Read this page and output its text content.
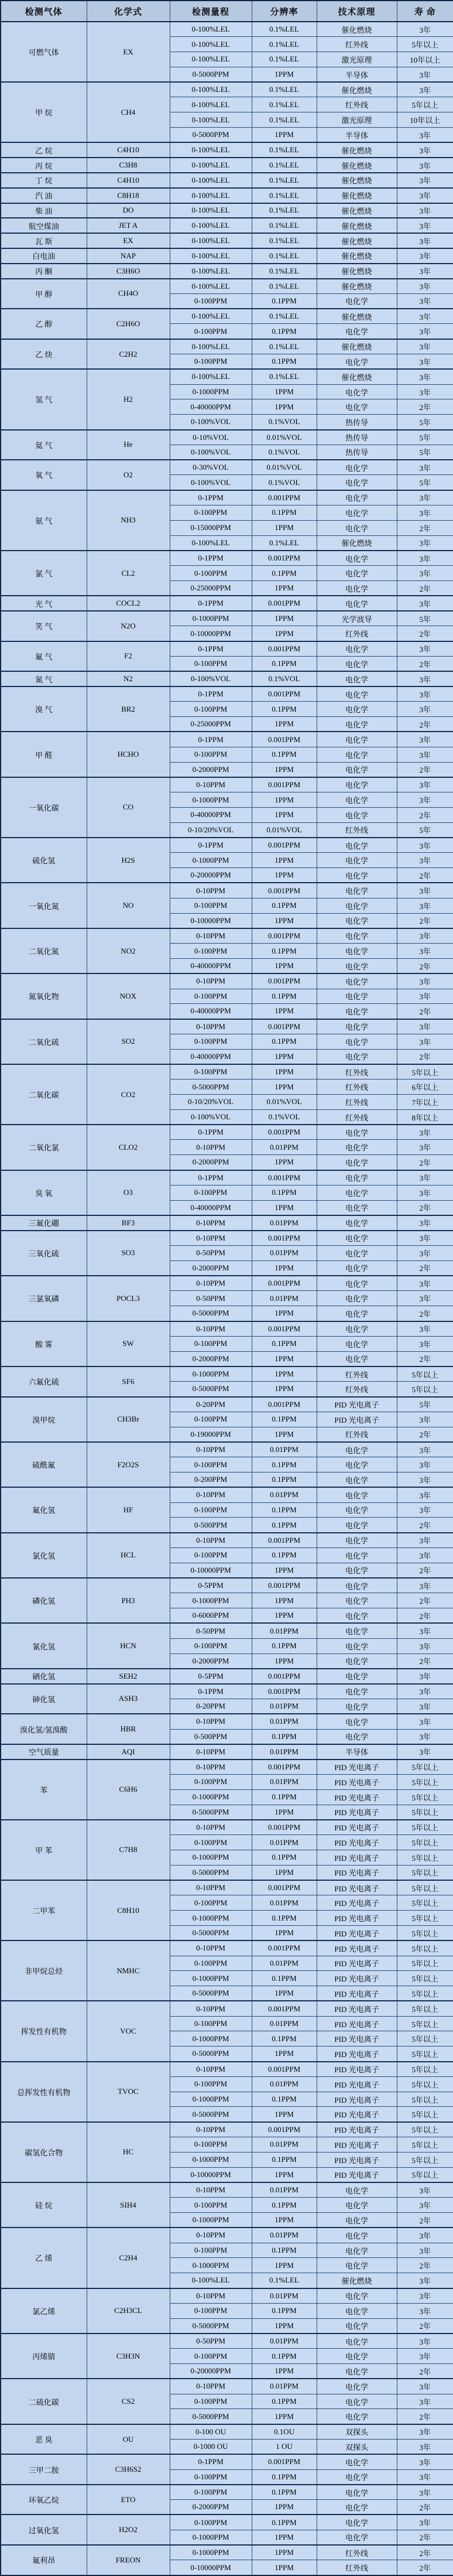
检测气体	化学式	检测量程	分辨率	技术原理	寿 命
可燃气体	EX	0-100%LEL	0.1%LEL	催化燃烧	3年
		0-100%LEL	0.1%LEL	红外线	5年以上
		0-100%LEL	0.1%LEL	激光原理	10年以上
		0-5000PPM	1PPM	半导体	3年
甲 烷	CH4	0-100%LEL	0.1%LEL	催化燃烧	3年
		0-100%LEL	0.1%LEL	红外线	5年以上
		0-100%LEL	0.1%LEL	激光原理	10年以上
		0-5000PPM	1PPM	半导体	3年
乙 烷	C4H10	0-100%LEL	0.1%LEL	催化燃烧	3年
丙 烷	C3H8	0-100%LEL	0.1%LEL	催化燃烧	3年
丁 烷	C4H10	0-100%LEL	0.1%LEL	催化燃烧	3年
汽 油	C8H18	0-100%LEL	0.1%LEL	催化燃烧	3年
柴 油	DO	0-100%LEL	0.1%LEL	催化燃烧	3年
航空煤油	JET A	0-100%LEL	0.1%LEL	催化燃烧	3年
瓦 斯	EX	0-100%LEL	0.1%LEL	催化燃烧	3年
白电油	NAP	0-100%LEL	0.1%LEL	催化燃烧	3年
丙 酮	C3H6O	0-100%LEL	0.1%LEL	催化燃烧	3年
甲 醇	CH4O	0-100%LEL	0.1%LEL	催化燃烧	3年
		0-100PPM	0.1PPM	电化学	3年
乙 醇	C2H6O	0-100%LEL	0.1%LEL	催化燃烧	3年
		0-100PPM	0.1PPM	电化学	3年
乙 炔	C2H2	0-100%LEL	0.1%LEL	催化燃烧	3年
		0-100PPM	0.1PPM	电化学	3年
氢 气	H2	0-100%LEL	0.1%LEL	催化燃烧	3年
		0-1000PPM	1PPM	电化学	3年
		0-40000PPM	1PPM	电化学	2年
		0-100%VOL	0.1%VOL	热传导	5年
氦 气	He	0-10%VOL	0.01%VOL	热传导	5年
		0-100%VOL	0.1%VOL	热传导	5年
氧 气	O2	0-30%VOL	0.01%VOL	电化学	3年
		0-100%VOL	0.1%VOL	电化学	5年
氨 气	NH3	0-1PPM	0.001PPM	电化学	3年
		0-100PPM	0.1PPM	电化学	3年
		0-15000PPM	1PPM	电化学	2年
		0-100%LEL	0.1%LEL	催化燃烧	3年
氯 气	CL2	0-1PPM	0.001PPM	电化学	3年
		0-100PPM	0.1PPM	电化学	3年
		0-25000PPM	1PPM	电化学	2年
光 气	COCL2	0-1PPM	0.001PPM	电化学	3年
笑 气	N2O	0-1000PPM	1PPM	光学波导	5年
		0-10000PPM	1PPM	红外线	2年
氟 气	F2	0-1PPM	0.001PPM	电化学	3年
		0-100PPM	0.1PPM	电化学	2年
氮 气	N2	0-100%VOL	0.1%VOL	电化学	3年
溴 气	BR2	0-1PPM	0.001PPM	电化学	3年
		0-100PPM	0.1PPM	电化学	3年
		0-25000PPM	1PPM	电化学	2年
甲 醛	HCHO	0-1PPM	0.001PPM	电化学	3年
		0-100PPM	0.1PPM	电化学	3年
		0-2000PPM	1PPM	电化学	2年
一氧化碳	CO	0-10PPM	0.001PPM	电化学	3年
		0-1000PPM	1PPM	电化学	3年
		0-40000PPM	1PPM	电化学	2年
		0-10/20%VOL	0.01%VOL	红外线	5年
硫化氢	H2S	0-1PPM	0.001PPM	电化学	3年
		0-1000PPM	1PPM	电化学	3年
		0-20000PPM	1PPM	电化学	2年
一氧化氮	NO	0-10PPM	0.001PPM	电化学	3年
		0-100PPM	0.1PPM	电化学	3年
		0-10000PPM	1PPM	电化学	2年
二氧化氮	NO2	0-10PPM	0.001PPM	电化学	3年
		0-100PPM	0.1PPM	电化学	3年
		0-40000PPM	1PPM	电化学	2年
氮氧化物	NOX	0-10PPM	0.001PPM	电化学	3年
		0-100PPM	0.1PPM	电化学	3年
		0-40000PPM	1PPM	电化学	2年
二氧化硫	SO2	0-10PPM	0.001PPM	电化学	3年
		0-100PPM	0.1PPM	电化学	3年
		0-40000PPM	1PPM	电化学	2年
二氧化碳	CO2	0-100PPM	1PPM	红外线	5年以上
		0-5000PPM	1PPM	红外线	6年以上
		0-10/20%VOL	0.01%VOL	红外线	7年以上
		0-100%VOL	0.1%VOL	红外线	8年以上
二氧化氯	CLO2	0-1PPM	0.001PPM	电化学	3年
		0-10PPM	0.01PPM	电化学	3年
		0-2000PPM	1PPM	电化学	2年
臭 氧	O3	0-1PPM	0.001PPM	电化学	3年
		0-100PPM	0.1PPM	电化学	3年
		0-40000PPM	1PPM	电化学	2年
三氟化硼	BF3	0-10PPM	0.01PPM	电化学	3年
三氧化硫	SO3	0-10PPM	0.001PPM	电化学	3年
		0-50PPM	0.01PPM	电化学	3年
		0-2000PPM	1PPM	电化学	2年
三氯氧磷	POCL3	0-10PPM	0.001PPM	电化学	3年
		0-50PPM	0.01PPM	电化学	3年
		0-5000PPM	1PPM	电化学	2年
酸 雾	SW	0-10PPM	0.001PPM	电化学	3年
		0-100PPM	0.1PPM	电化学	3年
		0-2000PPM	1PPM	电化学	2年
六氟化硫	SF6	0-1000PPM	1PPM	红外线	5年以上
		0-5000PPM	1PPM	红外线	5年以上
溴甲烷	CH3Br	0-20PPM	0.001PPM	PID 光电离子	5年
		0-100PPM	0.1PPM	PID 光电离子	3年
		0-19000PPM	1PPM	红外线	2年
硫酰氟	F2O2S	0-10PPM	0.01PPM	电化学	3年
		0-100PPM	0.1PPM	电化学	3年
		0-200PPM	0.1PPM	电化学	3年
氟化氢	HF	0-10PPM	0.01PPM	电化学	3年
		0-100PPM	0.1PPM	电化学	3年
		0-500PPM	0.1PPM	电化学	2年
氯化氢	HCL	0-10PPM	0.001PPM	电化学	3年
		0-100PPM	0.1PPM	电化学	3年
		0-10000PPM	1PPM	电化学	2年
磷化氢	PH3	0-5PPM	0.001PPM	电化学	3年
		0-1000PPM	1PPM	电化学	2年
		0-6000PPM	1PPM	电化学	2年
氰化氢	HCN	0-50PPM	0.01PPM	电化学	3年
		0-100PPM	0.1PPM	电化学	3年
		0-2000PPM	1PPM	电化学	2年
硒化氢	SEH2	0-5PPM	0.001PPM	电化学	3年
砷化氢	ASH3	0-1PPM	0.001PPM	电化学	3年
		0-20PPM	0.01PPM	电化学	3年
溴化氢/氢溴酸	HBR	0-10PPM	0.01PPM	电化学	3年
		0-500PPM	0.1PPM	电化学	3年
空气质量	AQI	0-10PPM	0.01PPM	半导体	3年
苯	C6H6	0-10PPM	0.001PPM	PID 光电离子	5年以上
		0-100PPM	0.01PPM	PID 光电离子	5年以上
		0-1000PPM	0.1PPM	PID 光电离子	5年以上
		0-5000PPM	1PPM	PID 光电离子	5年以上
甲 苯	C7H8	0-10PPM	0.001PPM	PID 光电离子	5年以上
		0-100PPM	0.01PPM	PID 光电离子	5年以上
		0-1000PPM	0.1PPM	PID 光电离子	5年以上
		0-5000PPM	1PPM	PID 光电离子	5年以上
二甲苯	C8H10	0-10PPM	0.001PPM	PID 光电离子	5年以上
		0-100PPM	0.01PPM	PID 光电离子	5年以上
		0-1000PPM	0.1PPM	PID 光电离子	5年以上
		0-5000PPM	1PPM	PID 光电离子	5年以上
非甲烷总烃	NMHC	0-10PPM	0.001PPM	PID 光电离子	5年以上
		0-100PPM	0.01PPM	PID 光电离子	5年以上
		0-1000PPM	0.1PPM	PID 光电离子	5年以上
		0-5000PPM	1PPM	PID 光电离子	5年以上
挥发性有机物	VOC	0-10PPM	0.001PPM	PID 光电离子	5年以上
		0-100PPM	0.01PPM	PID 光电离子	5年以上
		0-1000PPM	0.1PPM	PID 光电离子	5年以上
		0-5000PPM	1PPM	PID 光电离子	5年以上
总挥发性有机物	TVOC	0-10PPM	0.001PPM	PID 光电离子	5年以上
		0-100PPM	0.01PPM	PID 光电离子	5年以上
		0-1000PPM	0.1PPM	PID 光电离子	5年以上
		0-5000PPM	1PPM	PID 光电离子	5年以上
碳氢化合物	HC	0-10PPM	0.001PPM	PID 光电离子	5年以上
		0-100PPM	0.01PPM	PID 光电离子	5年以上
		0-1000PPM	0.1PPM	PID 光电离子	5年以上
		0-10000PPM	1PPM	PID 光电离子	5年以上
硅 烷	SIH4	0-10PPM	0.01PPM	电化学	3年
		0-100PPM	0.1PPM	电化学	3年
		0-1000PPM	1PPM	电化学	2年
乙 烯	C2H4	0-10PPM	0.01PPM	电化学	3年
		0-100PPM	0.1PPM	电化学	3年
		0-1000PPM	1PPM	电化学	2年
		0-100%LEL	0.1%LEL	催化燃烧	3年
氯乙烯	C2H3CL	0-10PPM	0.01PPM	电化学	3年
		0-100PPM	0.1PPM	电化学	3年
		0-5000PPM	1PPM	电化学	2年
丙烯腈	C3H3N	0-50PPM	0.01PPM	电化学	3年
		0-100PPM	0.1PPM	电化学	3年
		0-20000PPM	1PPM	电化学	2年
二硫化碳	CS2	0-10PPM	0.01PPM	电化学	3年
		0-100PPM	0.1PPM	电化学	3年
		0-5000PPM	1PPM	电化学	2年
恶 臭	OU	0-100 OU	0.1OU	双探头	3年
		0-1000 OU	1 OU	双探头	3年
三甲二胺	C3H6S2	0-1PPM	0.001PPM	电化学	3年
		0-100PPM	0.1PPM	电化学	3年
环氧乙烷	ETO	0-100PPM	0.1PPM	电化学	3年
		0-2000PPM	1PPM	电化学	2年
过氧化氢	H2O2	0-100PPM	0.1PPM	电化学	3年
		0-1000PPM	1PPM	电化学	2年
氟利昂	FREON	0-1000PPM	1PPM	红外线	2年
		0-10000PPM	1PPM	红外线	2年
